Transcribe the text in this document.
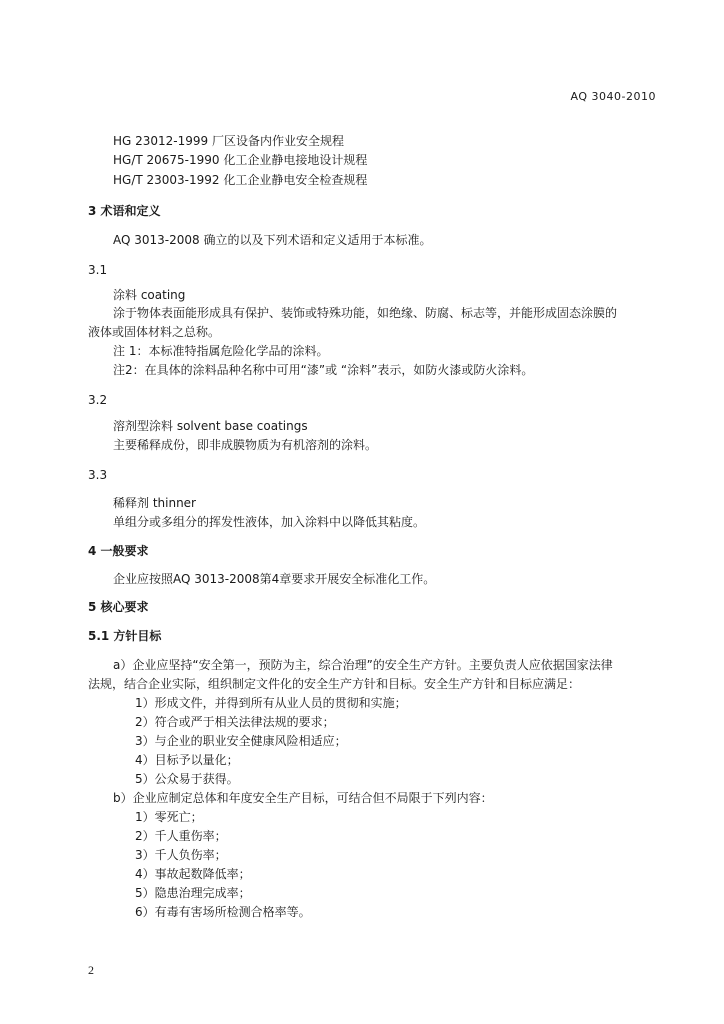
AQ 3040-2010
HG 23012-1999 厂区设备内作业安全规程
HG/T 20675-1990 化工企业静电接地设计规程
HG/T 23003-1992 化工企业静电安全检查规程
3 术语和定义
AQ 3013-2008 确立的以及下列术语和定义适用于本标准。
3.1
涂料 coating
涂于物体表面能形成具有保护、装饰或特殊功能，如绝缘、防腐、标志等，并能形成固态涂膜的
液体或固体材料之总称。
注 1：本标准特指属危险化学品的涂料。
注2：在具体的涂料品种名称中可用“漆”或 “涂料”表示，如防火漆或防火涂料。
3.2
溶剂型涂料 solvent base coatings
主要稀释成份，即非成膜物质为有机溶剂的涂料。
3.3
稀释剂 thinner
单组分或多组分的挥发性液体，加入涂料中以降低其粘度。
4 一般要求
企业应按照AQ 3013-2008第4章要求开展安全标准化工作。
5 核心要求
5.1 方针目标
a）企业应坚持“安全第一，预防为主，综合治理”的安全生产方针。主要负责人应依据国家法律
法规，结合企业实际，组织制定文件化的安全生产方针和目标。安全生产方针和目标应满足：
1）形成文件，并得到所有从业人员的贯彻和实施；
2）符合或严于相关法律法规的要求；
3）与企业的职业安全健康风险相适应；
4）目标予以量化；
5）公众易于获得。
b）企业应制定总体和年度安全生产目标，可结合但不局限于下列内容：
1）零死亡；
2）千人重伤率；
3）千人负伤率；
4）事故起数降低率；
5）隐患治理完成率；
6）有毒有害场所检测合格率等。
2
